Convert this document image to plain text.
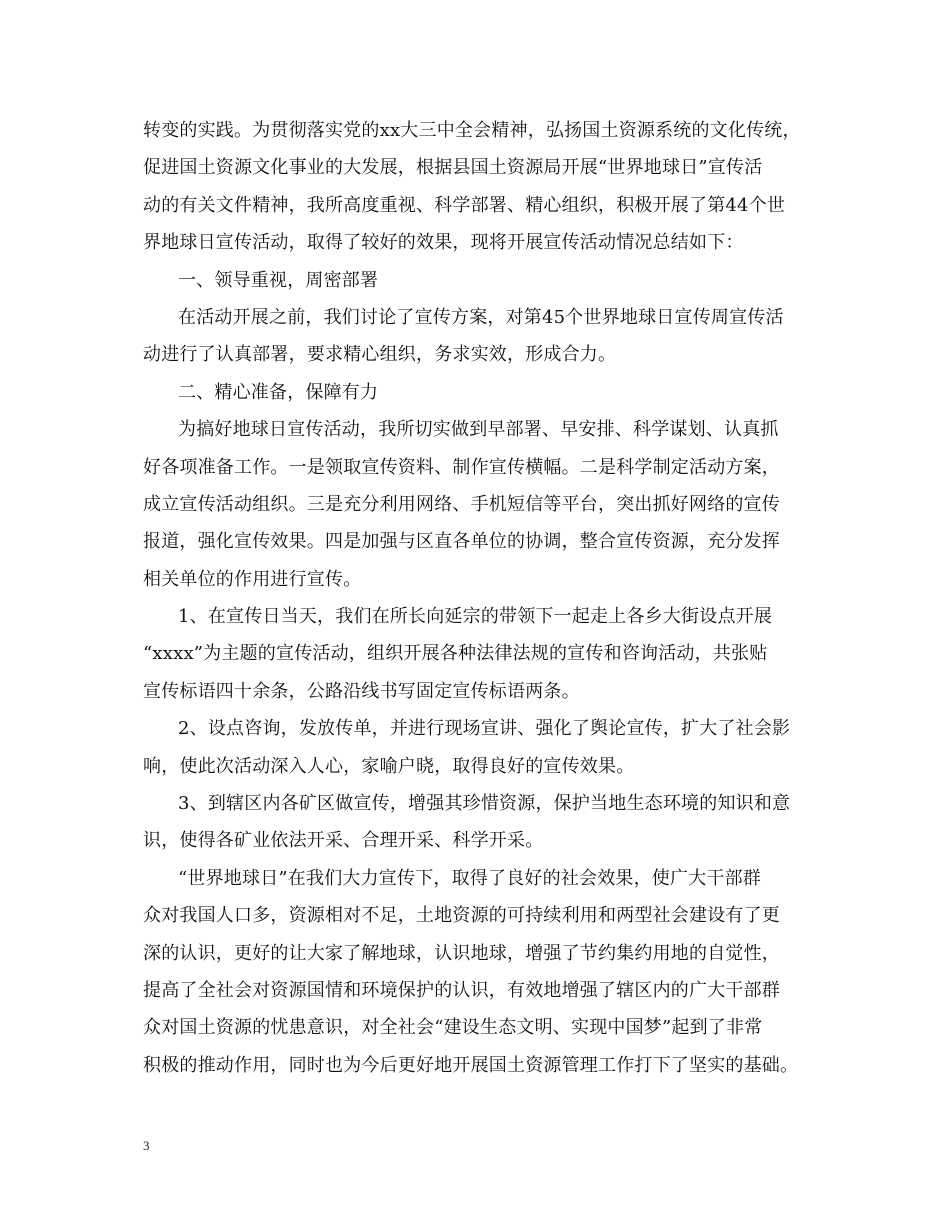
转变的实践。为贯彻落实党的xx大三中全会精神，弘扬国土资源系统的文化传统，
促进国土资源文化事业的大发展，根据县国土资源局开展“世界地球日”宣传活
动的有关文件精神，我所高度重视、科学部署、精心组织，积极开展了第44个世
界地球日宣传活动，取得了较好的效果，现将开展宣传活动情况总结如下：
一、领导重视，周密部署
在活动开展之前，我们讨论了宣传方案，对第45个世界地球日宣传周宣传活
动进行了认真部署，要求精心组织，务求实效，形成合力。
二、精心准备，保障有力
为搞好地球日宣传活动，我所切实做到早部署、早安排、科学谋划、认真抓
好各项准备工作。一是领取宣传资料、制作宣传横幅。二是科学制定活动方案，
成立宣传活动组织。三是充分利用网络、手机短信等平台，突出抓好网络的宣传
报道，强化宣传效果。四是加强与区直各单位的协调，整合宣传资源，充分发挥
相关单位的作用进行宣传。
1、在宣传日当天，我们在所长向延宗的带领下一起走上各乡大街设点开展
“xxxx”为主题的宣传活动，组织开展各种法律法规的宣传和咨询活动，共张贴
宣传标语四十余条，公路沿线书写固定宣传标语两条。
2、设点咨询，发放传单，并进行现场宣讲、强化了舆论宣传，扩大了社会影
响，使此次活动深入人心，家喻户晓，取得良好的宣传效果。
3、到辖区内各矿区做宣传，增强其珍惜资源，保护当地生态环境的知识和意
识，使得各矿业依法开采、合理开采、科学开采。
“世界地球日”在我们大力宣传下，取得了良好的社会效果，使广大干部群
众对我国人口多，资源相对不足，土地资源的可持续利用和两型社会建设有了更
深的认识，更好的让大家了解地球，认识地球，增强了节约集约用地的自觉性，
提高了全社会对资源国情和环境保护的认识，有效地增强了辖区内的广大干部群
众对国土资源的忧患意识，对全社会“建设生态文明、实现中国梦”起到了非常
积极的推动作用，同时也为今后更好地开展国土资源管理工作打下了坚实的基础。
3
